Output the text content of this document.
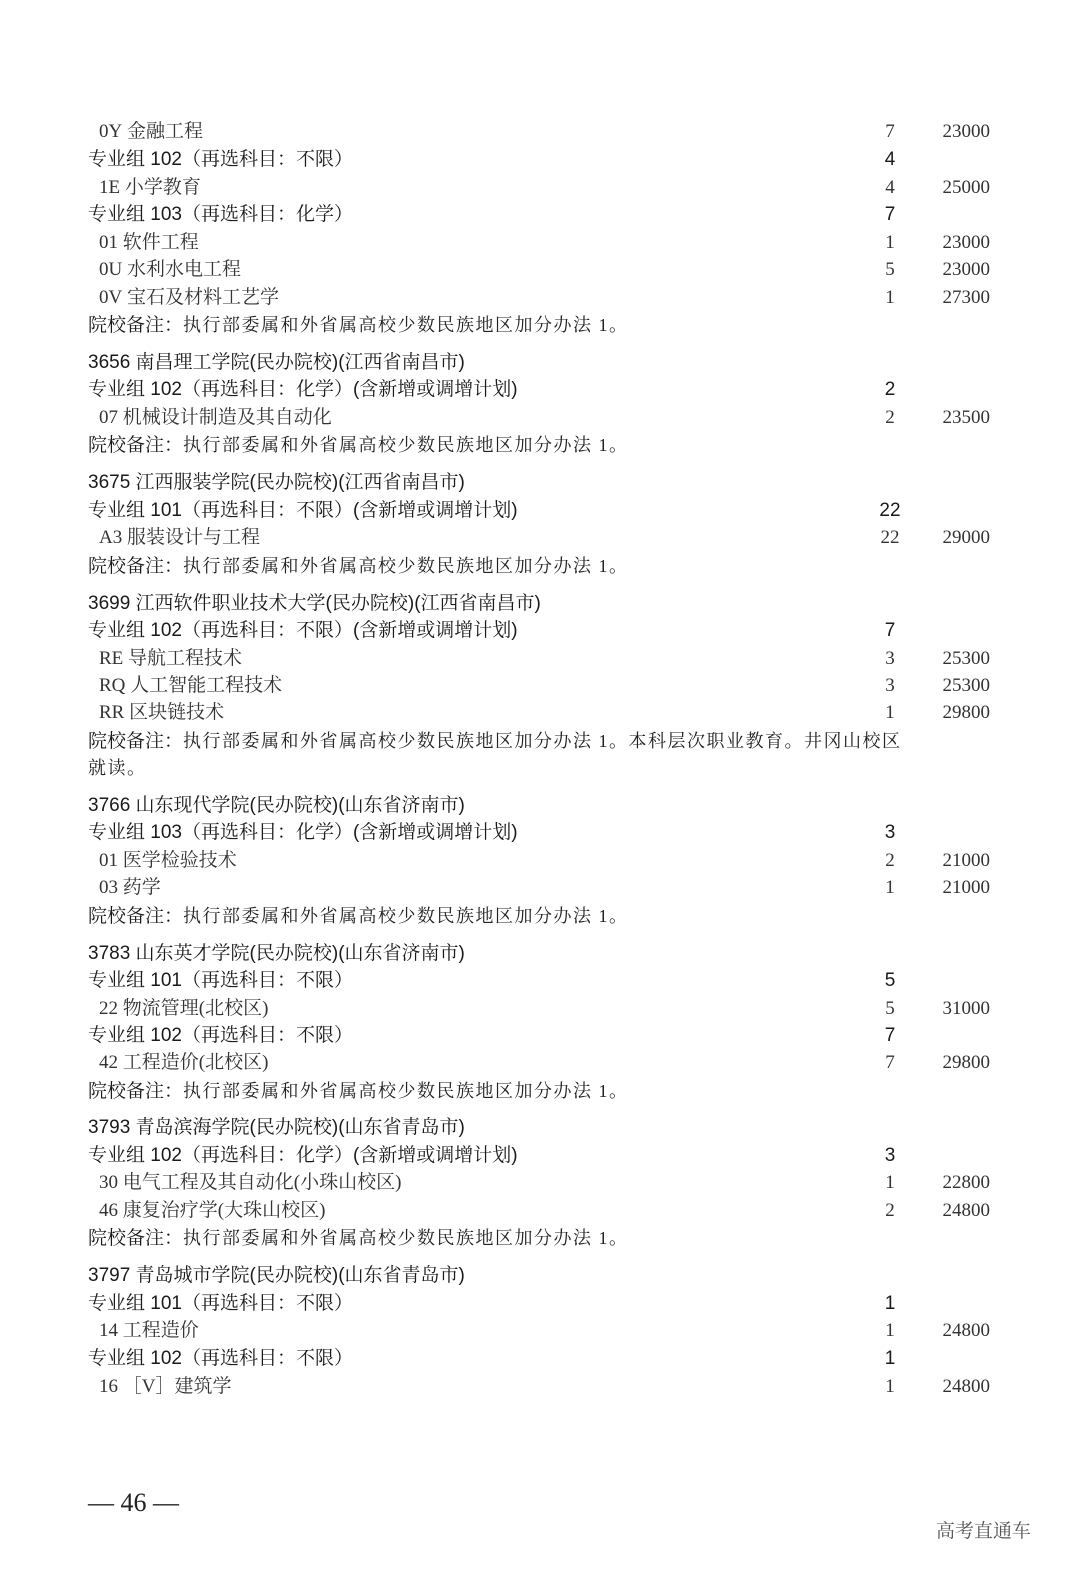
0Y 金融工程	7	23000
专业组 102（再选科目：不限）	4
1E 小学教育	4	25000
专业组 103（再选科目：化学）	7
01 软件工程	1	23000
0U 水利水电工程	5	23000
0V 宝石及材料工艺学	1	27300
院校备注：执行部委属和外省属高校少数民族地区加分办法 1。
3656 南昌理工学院(民办院校)(江西省南昌市)
专业组 102（再选科目：化学）(含新增或调增计划)	2
07 机械设计制造及其自动化	2	23500
院校备注：执行部委属和外省属高校少数民族地区加分办法 1。
3675 江西服装学院(民办院校)(江西省南昌市)
专业组 101（再选科目：不限）(含新增或调增计划)	22
A3 服装设计与工程	22	29000
院校备注：执行部委属和外省属高校少数民族地区加分办法 1。
3699 江西软件职业技术大学(民办院校)(江西省南昌市)
专业组 102（再选科目：不限）(含新增或调增计划)	7
RE 导航工程技术	3	25300
RQ 人工智能工程技术	3	25300
RR 区块链技术	1	29800
院校备注：执行部委属和外省属高校少数民族地区加分办法 1。本科层次职业教育。井冈山校区
就读。
3766 山东现代学院(民办院校)(山东省济南市)
专业组 103（再选科目：化学）(含新增或调增计划)	3
01 医学检验技术	2	21000
03 药学	1	21000
院校备注：执行部委属和外省属高校少数民族地区加分办法 1。
3783 山东英才学院(民办院校)(山东省济南市)
专业组 101（再选科目：不限）	5
22 物流管理(北校区)	5	31000
专业组 102（再选科目：不限）	7
42 工程造价(北校区)	7	29800
院校备注：执行部委属和外省属高校少数民族地区加分办法 1。
3793 青岛滨海学院(民办院校)(山东省青岛市)
专业组 102（再选科目：化学）(含新增或调增计划)	3
30 电气工程及其自动化(小珠山校区)	1	22800
46 康复治疗学(大珠山校区)	2	24800
院校备注：执行部委属和外省属高校少数民族地区加分办法 1。
3797 青岛城市学院(民办院校)(山东省青岛市)
专业组 101（再选科目：不限）	1
14 工程造价	1	24800
专业组 102（再选科目：不限）	1
16 ［V］建筑学	1	24800
— 46 —
高考直通车
